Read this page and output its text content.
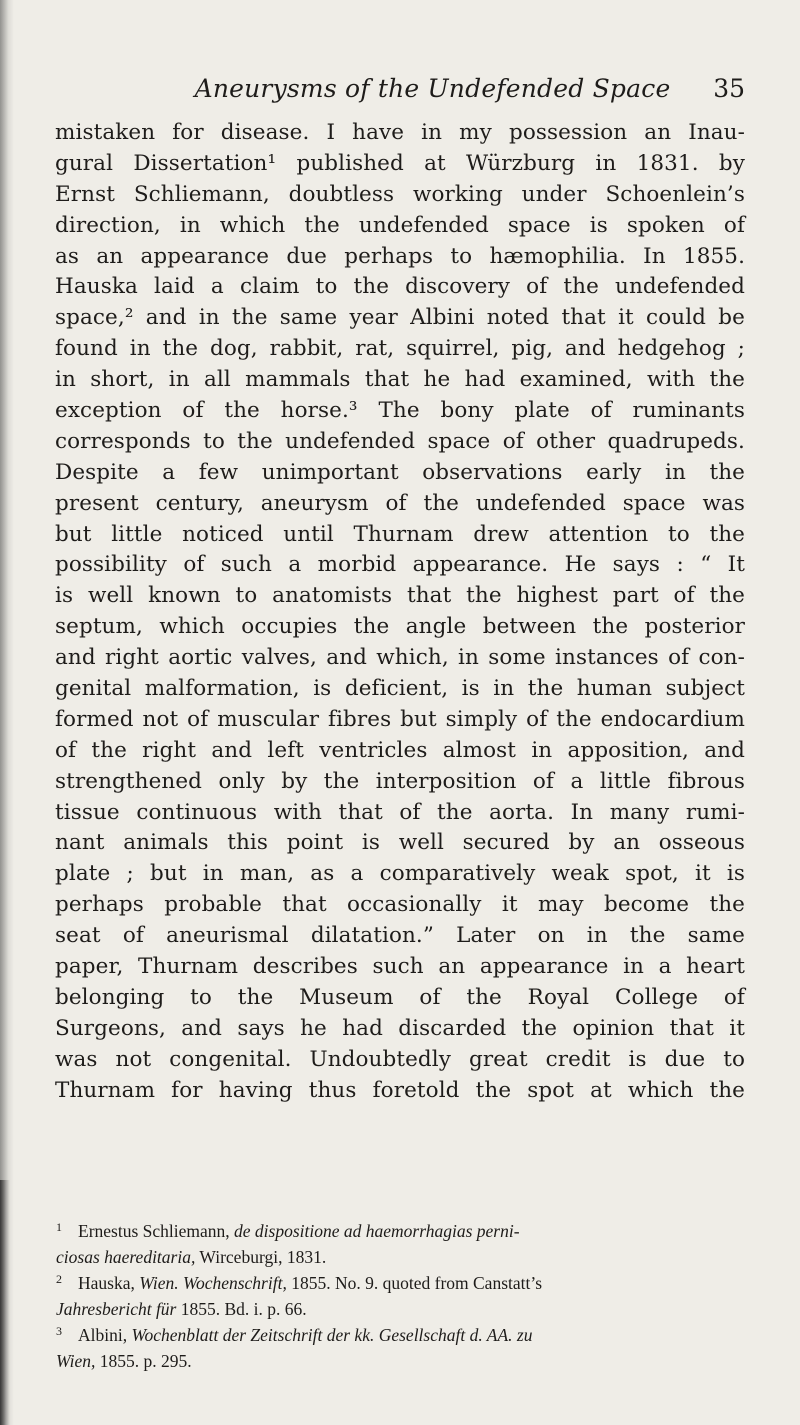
Aneurysms of the Undefended Space	35
mistaken for disease. I have in my possession an Inau-
gural Dissertation¹ published at Würzburg in 1831. by
Ernst Schliemann, doubtless working under Schoenlein’s
direction, in which the undefended space is spoken of
as an appearance due perhaps to hæmophilia. In 1855.
Hauska laid a claim to the discovery of the undefended
space,² and in the same year Albini noted that it could be
found in the dog, rabbit, rat, squirrel, pig, and hedgehog ;
in short, in all mammals that he had examined, with the
exception of the horse.³ The bony plate of ruminants
corresponds to the undefended space of other quadrupeds.
Despite a few unimportant observations early in the
present century, aneurysm of the undefended space was
but little noticed until Thurnam drew attention to the
possibility of such a morbid appearance. He says : “ It
is well known to anatomists that the highest part of the
septum, which occupies the angle between the posterior
and right aortic valves, and which, in some instances of con-
genital malformation, is deficient, is in the human subject
formed not of muscular fibres but simply of the endocardium
of the right and left ventricles almost in apposition, and
strengthened only by the interposition of a little fibrous
tissue continuous with that of the aorta. In many rumi-
nant animals this point is well secured by an osseous
plate ; but in man, as a comparatively weak spot, it is
perhaps probable that occasionally it may become the
seat of aneurismal dilatation.” Later on in the same
paper, Thurnam describes such an appearance in a heart
belonging to the Museum of the Royal College of
Surgeons, and says he had discarded the opinion that it
was not congenital. Undoubtedly great credit is due to
Thurnam for having thus foretold the spot at which the
1 Ernestus Schliemann, de dispositione ad haemorrhagias perni-
ciosas haereditaria, Wirceburgi, 1831.
2 Hauska, Wien. Wochenschrift, 1855. No. 9. quoted from Canstatt’s
Jahresbericht für 1855. Bd. i. p. 66.
3 Albini, Wochenblatt der Zeitschrift der kk. Gesellschaft d. AA. zu
Wien, 1855. p. 295.
